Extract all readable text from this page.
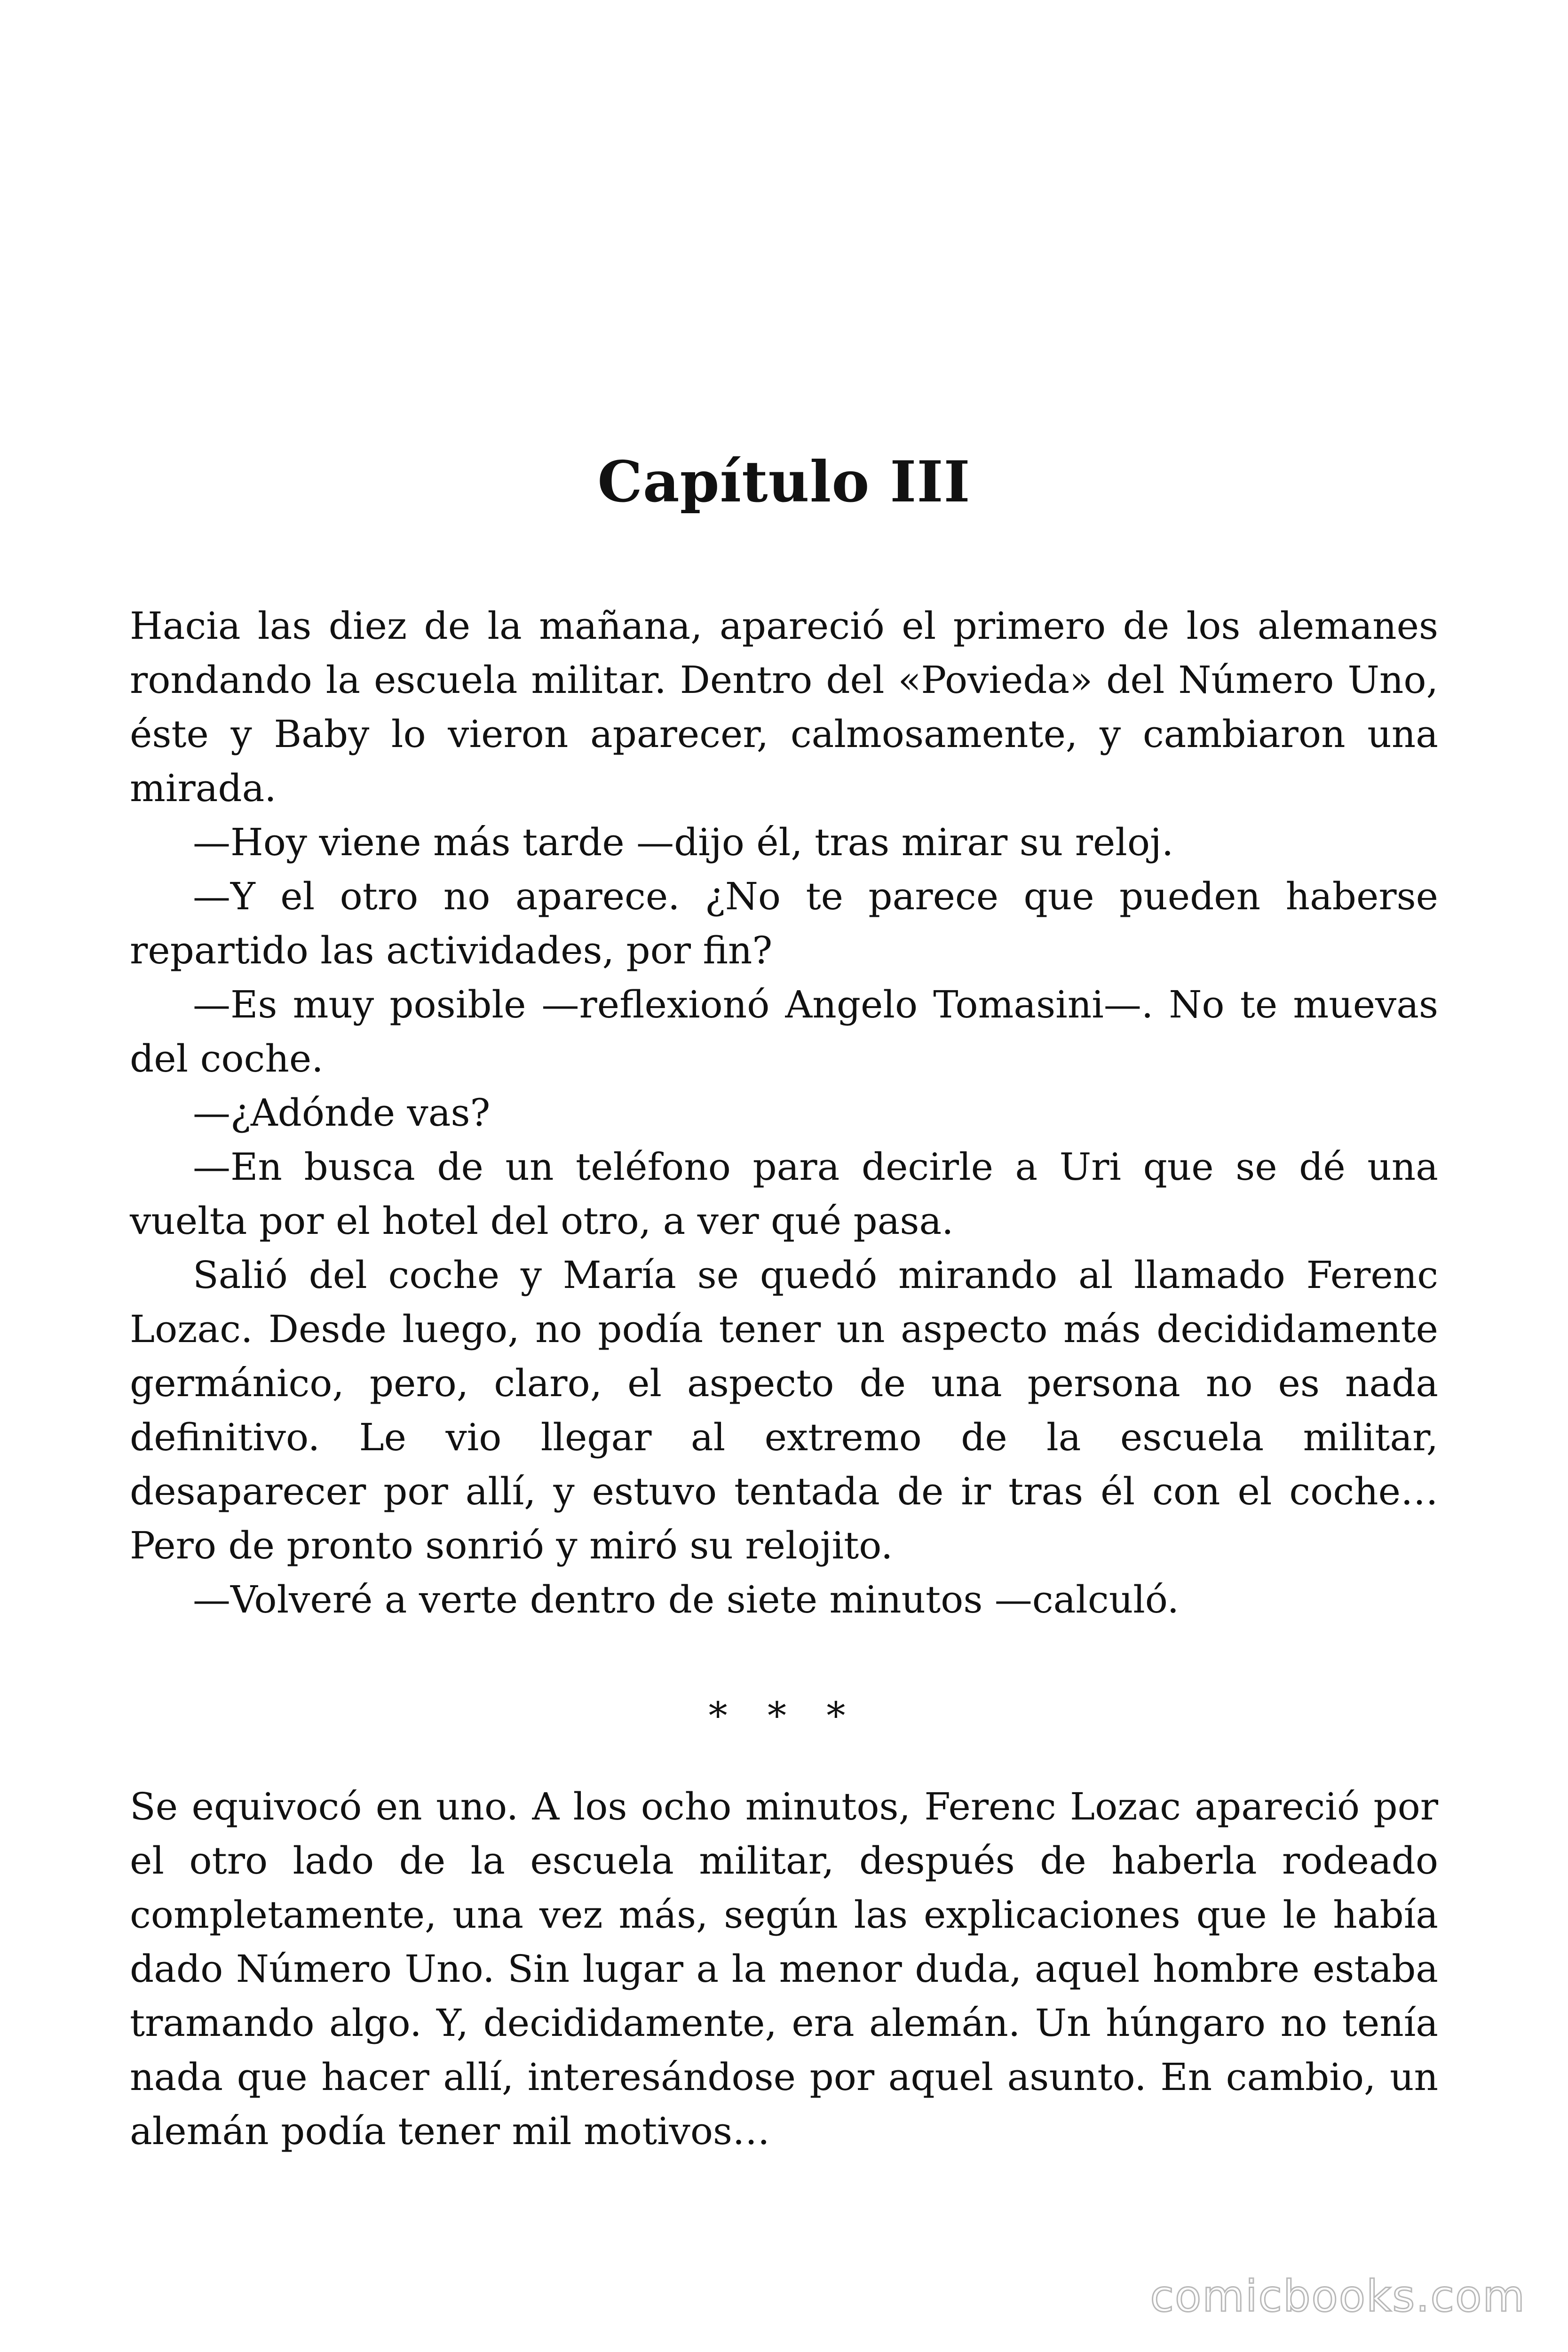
Capítulo III

Hacia las diez de la mañana, apareció el primero de los alemanes rondando la escuela militar. Dentro del «Povieda» del Número Uno, éste y Baby lo vieron aparecer, calmosamente, y cambiaron una mirada.

—Hoy viene más tarde —dijo él, tras mirar su reloj.

—Y el otro no aparece. ¿No te parece que pueden haberse repartido las actividades, por fin?

—Es muy posible —reflexionó Angelo Tomasini—. No te muevas del coche.

—¿Adónde vas?

—En busca de un teléfono para decirle a Uri que se dé una vuelta por el hotel del otro, a ver qué pasa.

Salió del coche y María se quedó mirando al llamado Ferenc Lozac. Desde luego, no podía tener un aspecto más decididamente germánico, pero, claro, el aspecto de una persona no es nada definitivo. Le vio llegar al extremo de la escuela militar, desaparecer por allí, y estuvo tentada de ir tras él con el coche… Pero de pronto sonrió y miró su relojito.

—Volveré a verte dentro de siete minutos —calculó.

* * *

Se equivocó en uno. A los ocho minutos, Ferenc Lozac apareció por el otro lado de la escuela militar, después de haberla rodeado completamente, una vez más, según las explicaciones que le había dado Número Uno. Sin lugar a la menor duda, aquel hombre estaba tramando algo. Y, decididamente, era alemán. Un húngaro no tenía nada que hacer allí, interesándose por aquel asunto. En cambio, un alemán podía tener mil motivos…

comicbooks.com
